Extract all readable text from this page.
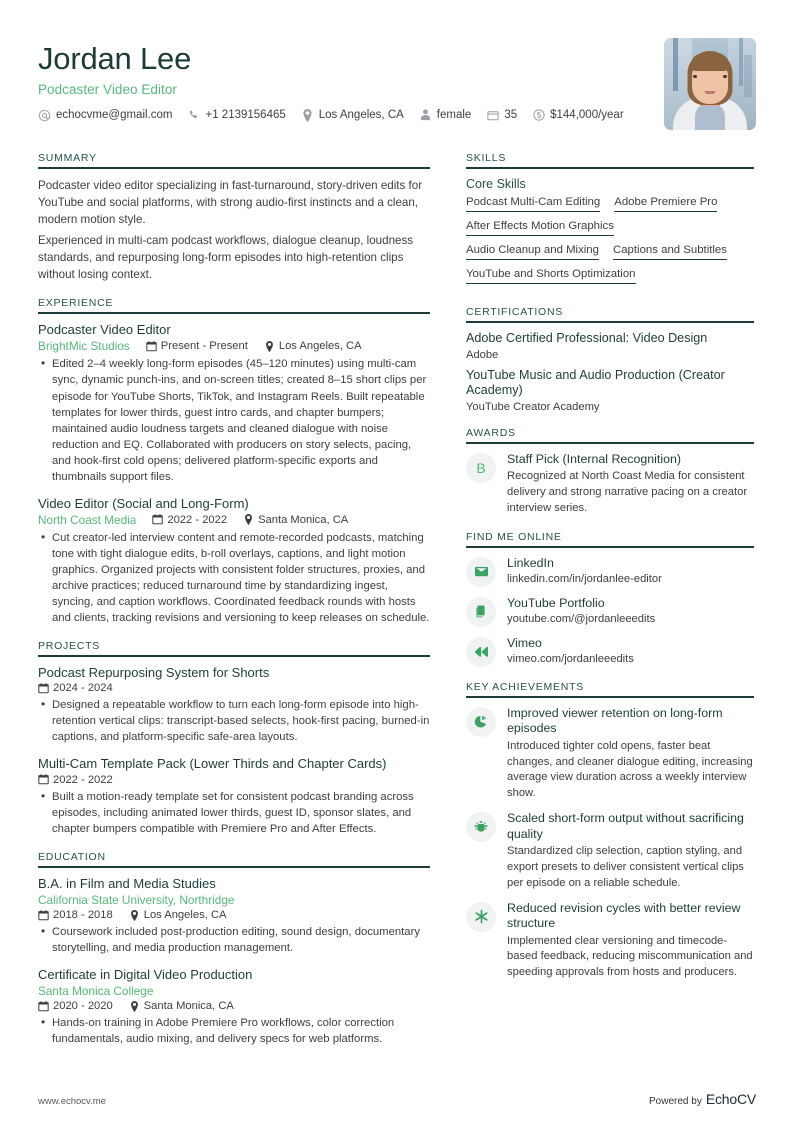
Jordan Lee
Podcaster Video Editor
echocvme@gmail.com	+1 2139156465	Los Angeles, CA	female	35	$144,000/year
SUMMARY
Podcaster video editor specializing in fast-turnaround, story-driven edits for YouTube and social platforms, with strong audio-first instincts and a clean, modern motion style.
Experienced in multi-cam podcast workflows, dialogue cleanup, loudness standards, and repurposing long-form episodes into high-retention clips without losing context.
EXPERIENCE
Podcaster Video Editor
BrightMic Studios	Present - Present	Los Angeles, CA
• Edited 2–4 weekly long-form episodes (45–120 minutes) using multi-cam sync, dynamic punch-ins, and on-screen titles; created 8–15 short clips per episode for YouTube Shorts, TikTok, and Instagram Reels. Built repeatable templates for lower thirds, guest intro cards, and chapter bumpers; maintained audio loudness targets and cleaned dialogue with noise reduction and EQ. Collaborated with producers on story selects, pacing, and hook-first cold opens; delivered platform-specific exports and thumbnails support files.
Video Editor (Social and Long-Form)
North Coast Media	2022 - 2022	Santa Monica, CA
• Cut creator-led interview content and remote-recorded podcasts, matching tone with tight dialogue edits, b-roll overlays, captions, and light motion graphics. Organized projects with consistent folder structures, proxies, and archive practices; reduced turnaround time by standardizing ingest, syncing, and caption workflows. Coordinated feedback rounds with hosts and clients, tracking revisions and versioning to keep releases on schedule.
PROJECTS
Podcast Repurposing System for Shorts
2024 - 2024
• Designed a repeatable workflow to turn each long-form episode into high-retention vertical clips: transcript-based selects, hook-first pacing, burned-in captions, and platform-specific safe-area layouts.
Multi-Cam Template Pack (Lower Thirds and Chapter Cards)
2022 - 2022
• Built a motion-ready template set for consistent podcast branding across episodes, including animated lower thirds, guest ID, sponsor slates, and chapter bumpers compatible with Premiere Pro and After Effects.
EDUCATION
B.A. in Film and Media Studies
California State University, Northridge
2018 - 2018	Los Angeles, CA
• Coursework included post-production editing, sound design, documentary storytelling, and media production management.
Certificate in Digital Video Production
Santa Monica College
2020 - 2020	Santa Monica, CA
• Hands-on training in Adobe Premiere Pro workflows, color correction fundamentals, audio mixing, and delivery specs for web platforms.
SKILLS
Core Skills
Podcast Multi-Cam Editing Adobe Premiere Pro
After Effects Motion Graphics
Audio Cleanup and Mixing Captions and Subtitles
YouTube and Shorts Optimization
CERTIFICATIONS
Adobe Certified Professional: Video Design
Adobe
YouTube Music and Audio Production (Creator Academy)
YouTube Creator Academy
AWARDS
B
Staff Pick (Internal Recognition)
Recognized at North Coast Media for consistent delivery and strong narrative pacing on a creator interview series.
FIND ME ONLINE
LinkedIn
linkedin.com/in/jordanlee-editor
YouTube Portfolio
youtube.com/@jordanleeedits
Vimeo
vimeo.com/jordanleeedits
KEY ACHIEVEMENTS
Improved viewer retention on long-form episodes
Introduced tighter cold opens, faster beat changes, and cleaner dialogue editing, increasing average view duration across a weekly interview show.
Scaled short-form output without sacrificing quality
Standardized clip selection, caption styling, and export presets to deliver consistent vertical clips per episode on a reliable schedule.
Reduced revision cycles with better review structure
Implemented clear versioning and timecode-based feedback, reducing miscommunication and speeding approvals from hosts and producers.
www.echocv.me	Powered by EchoCV
